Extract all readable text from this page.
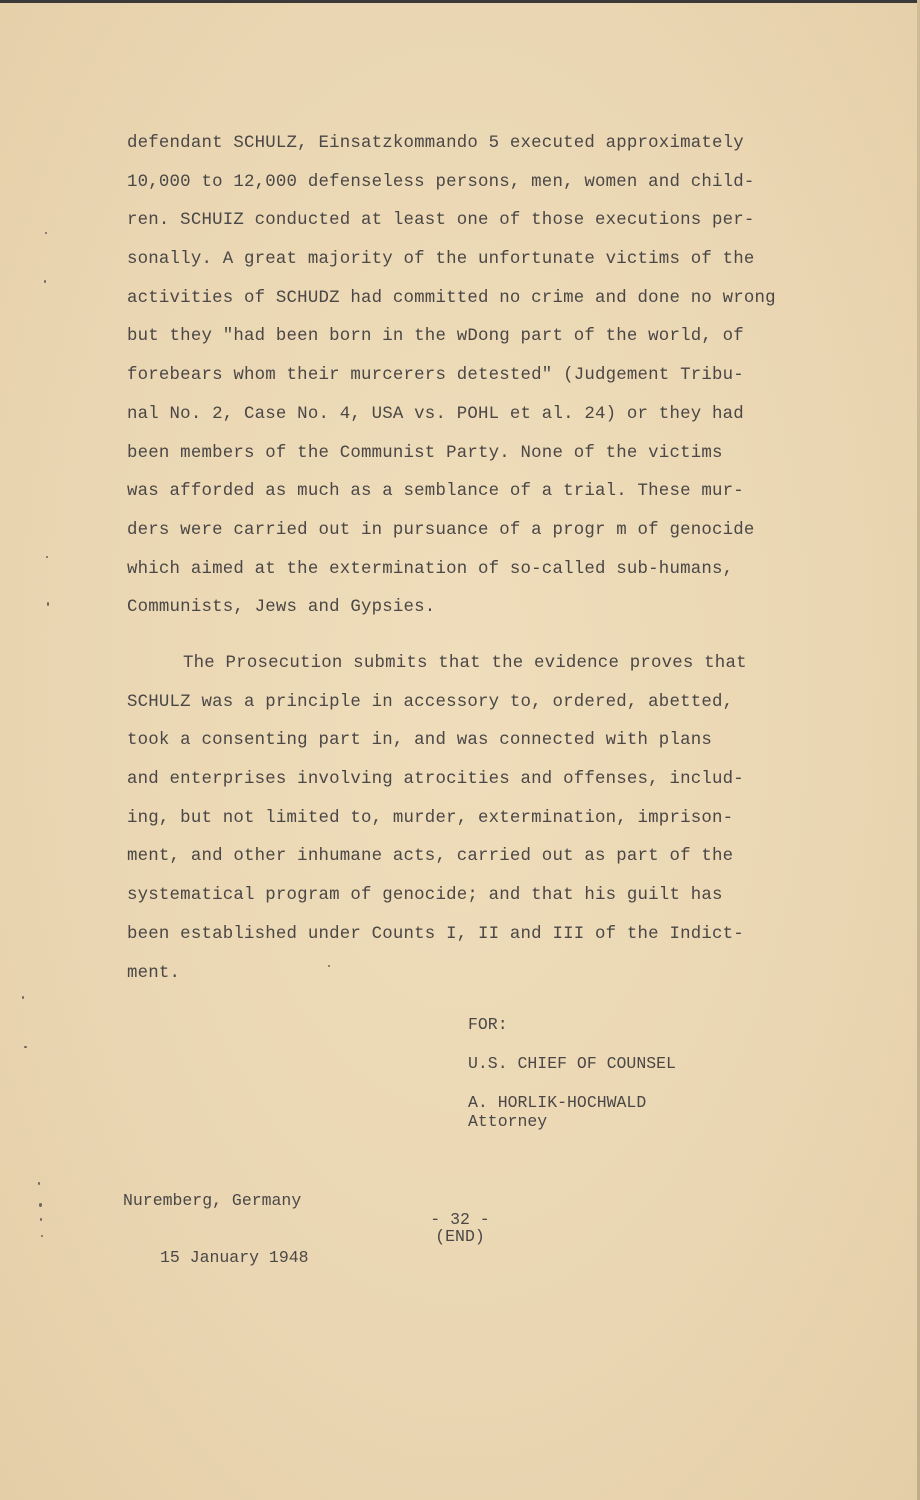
defendant SCHULZ, Einsatzkommando 5 executed approximately
10,000 to 12,000 defenseless persons, men, women and child-
ren. SCHUIZ conducted at least one of those executions per-
sonally. A great majority of the unfortunate victims of the
activities of SCHUDZ had committed no crime and done no wrong
but they "had been born in the wDong part of the world, of
forebears whom their murcerers detested" (Judgement Tribu-
nal No. 2, Case No. 4, USA vs. POHL et al. 24) or they had
been members of the Communist Party. None of the victims
was afforded as much as a semblance of a trial. These mur-
ders were carried out in pursuance of a progr m of genocide
which aimed at the extermination of so-called sub-humans,
Communists, Jews and Gypsies.
The Prosecution submits that the evidence proves that
SCHULZ was a principle in accessory to, ordered, abetted,
took a consenting part in, and was connected with plans
and enterprises involving atrocities and offenses, includ-
ing, but not limited to, murder, extermination, imprison-
ment, and other inhumane acts, carried out as part of the
systematical program of genocide; and that his guilt has
been established under Counts I, II and III of the Indict-
ment.
FOR:
U.S. CHIEF OF COUNSEL
A. HORLIK-HOCHWALD
Attorney

Nuremberg, Germany

15 January 1948

- 32 -
(END)
